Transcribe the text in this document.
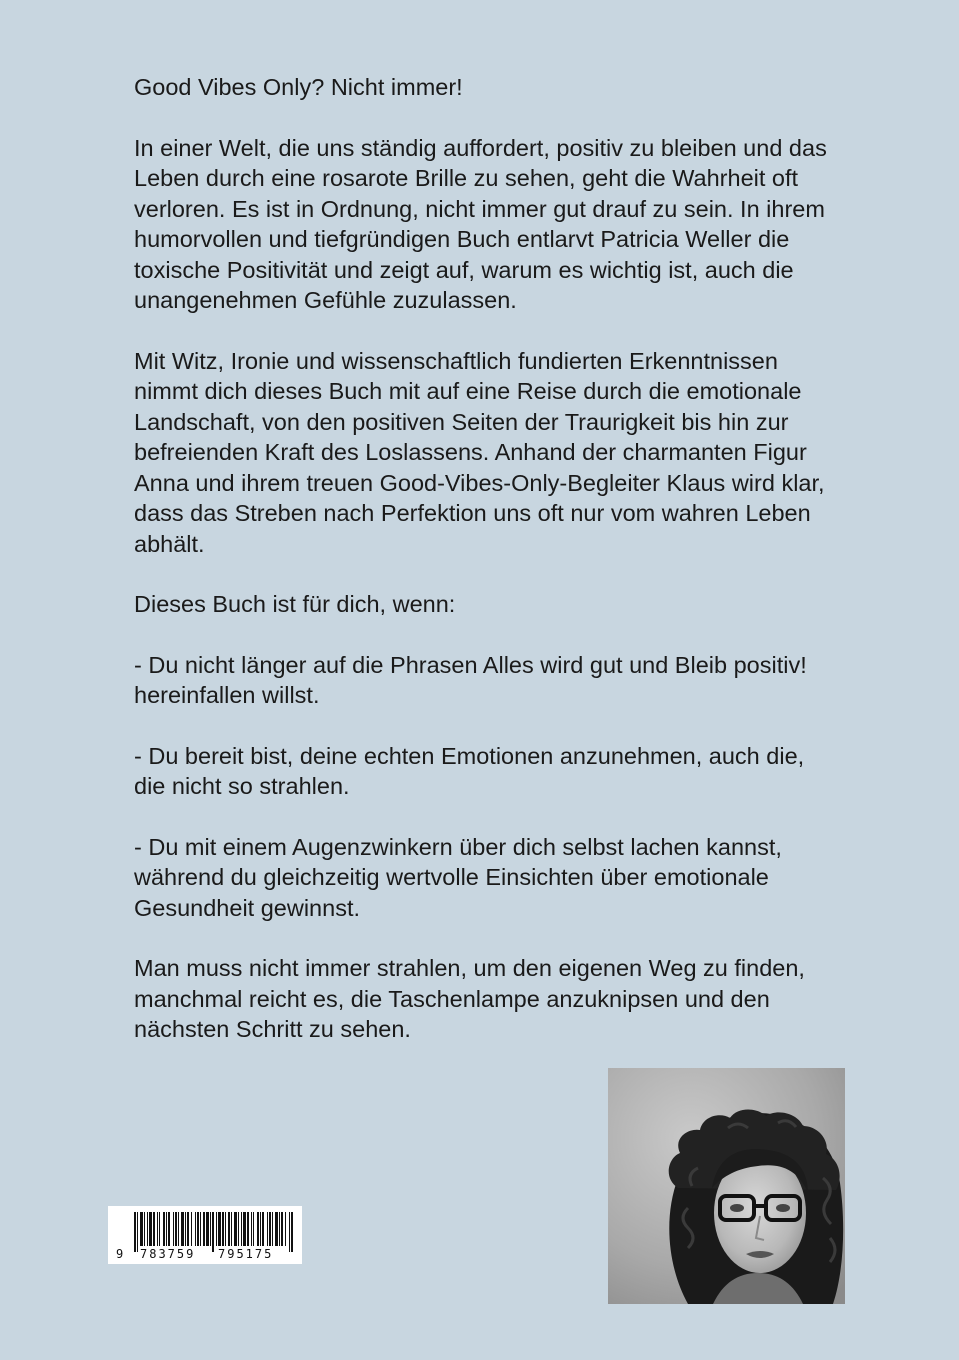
Good Vibes Only? Nicht immer!

In einer Welt, die uns ständig auffordert, positiv zu bleiben und das Leben durch eine rosarote Brille zu sehen, geht die Wahrheit oft verloren. Es ist in Ordnung, nicht immer gut drauf zu sein. In ihrem humorvollen und tiefgründigen Buch entlarvt Patricia Weller die toxische Positivität und zeigt auf, warum es wichtig ist, auch die unangenehmen Gefühle zuzulassen.

Mit Witz, Ironie und wissenschaftlich fundierten Erkenntnissen nimmt dich dieses Buch mit auf eine Reise durch die emotionale Landschaft, von den positiven Seiten der Traurigkeit bis hin zur befreienden Kraft des Loslassens. Anhand der charmanten Figur Anna und ihrem treuen Good-Vibes-Only-Begleiter Klaus wird klar, dass das Streben nach Perfektion uns oft nur vom wahren Leben abhält.

Dieses Buch ist für dich, wenn:

- Du nicht länger auf die Phrasen Alles wird gut und Bleib positiv! hereinfallen willst.

- Du bereit bist, deine echten Emotionen anzunehmen, auch die, die nicht so strahlen.

- Du mit einem Augenzwinkern über dich selbst lachen kannst, während du gleichzeitig wertvolle Einsichten über emotionale Gesundheit gewinnst.

Man muss nicht immer strahlen, um den eigenen Weg zu finden, manchmal reicht es, die Taschenlampe anzuknipsen und den nächsten Schritt zu sehen.

9 783759 795175
